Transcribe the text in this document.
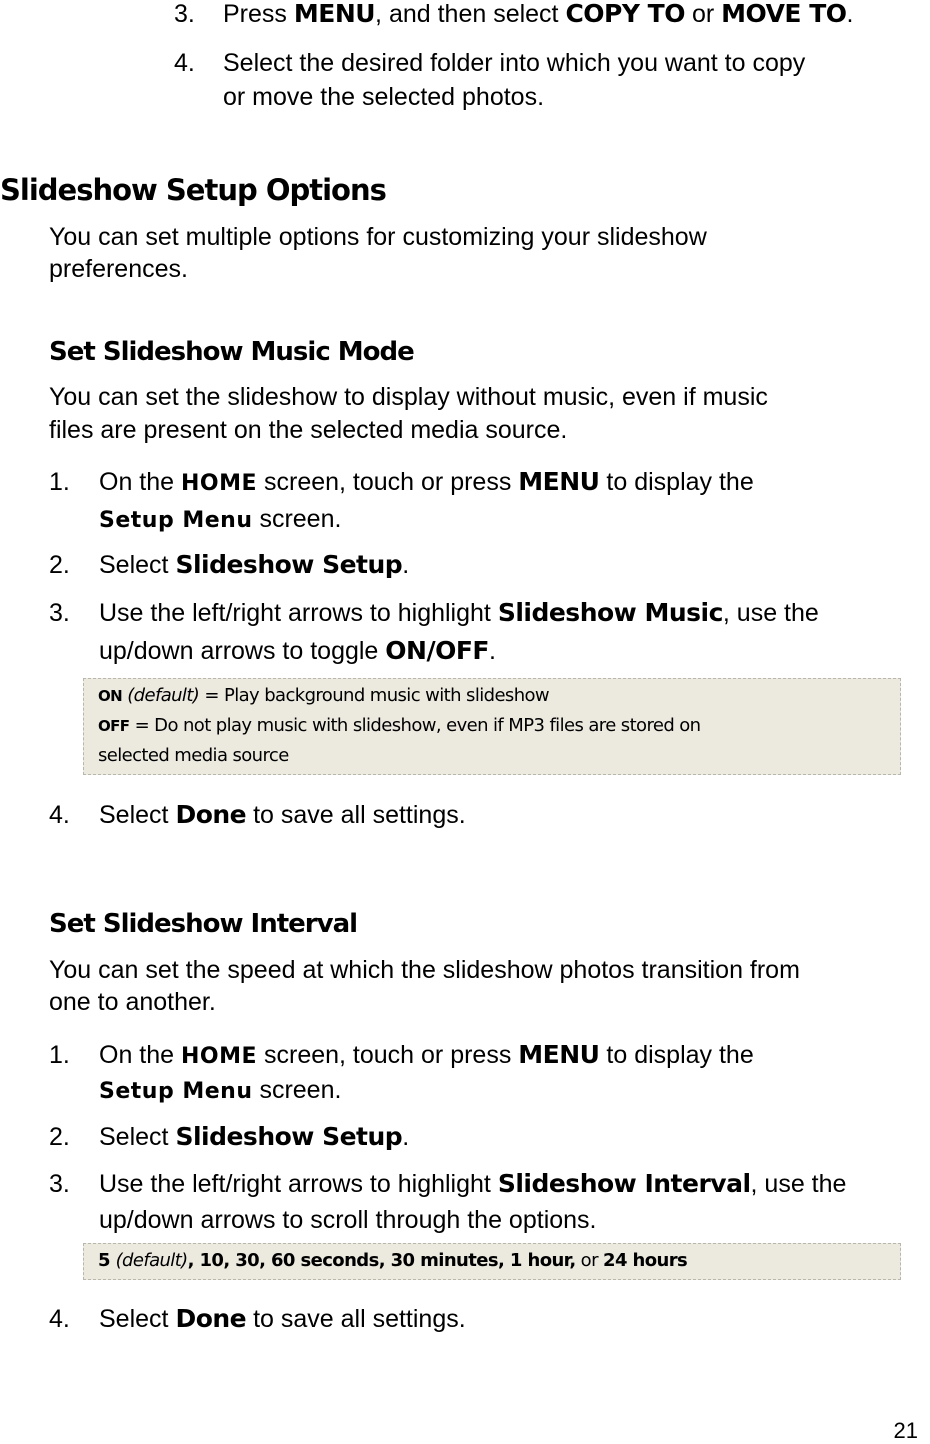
3. Press MENU, and then select COPY TO or MOVE TO.
4. Select the desired folder into which you want to copy
or move the selected photos.
Slideshow Setup Options
You can set multiple options for customizing your slideshow
preferences.
Set Slideshow Music Mode
You can set the slideshow to display without music, even if music
files are present on the selected media source.
1. On the HOME screen, touch or press MENU to display the
Setup Menu screen.
2. Select Slideshow Setup.
3. Use the left/right arrows to highlight Slideshow Music, use the
up/down arrows to toggle ON/OFF.
ON (default) = Play background music with slideshow
OFF = Do not play music with slideshow, even if MP3 files are stored on
selected media source
4. Select Done to save all settings.
Set Slideshow Interval
You can set the speed at which the slideshow photos transition from
one to another.
1. On the HOME screen, touch or press MENU to display the
Setup Menu screen.
2. Select Slideshow Setup.
3. Use the left/right arrows to highlight Slideshow Interval, use the
up/down arrows to scroll through the options.
5 (default), 10, 30, 60 seconds, 30 minutes, 1 hour, or 24 hours
4. Select Done to save all settings.
21
